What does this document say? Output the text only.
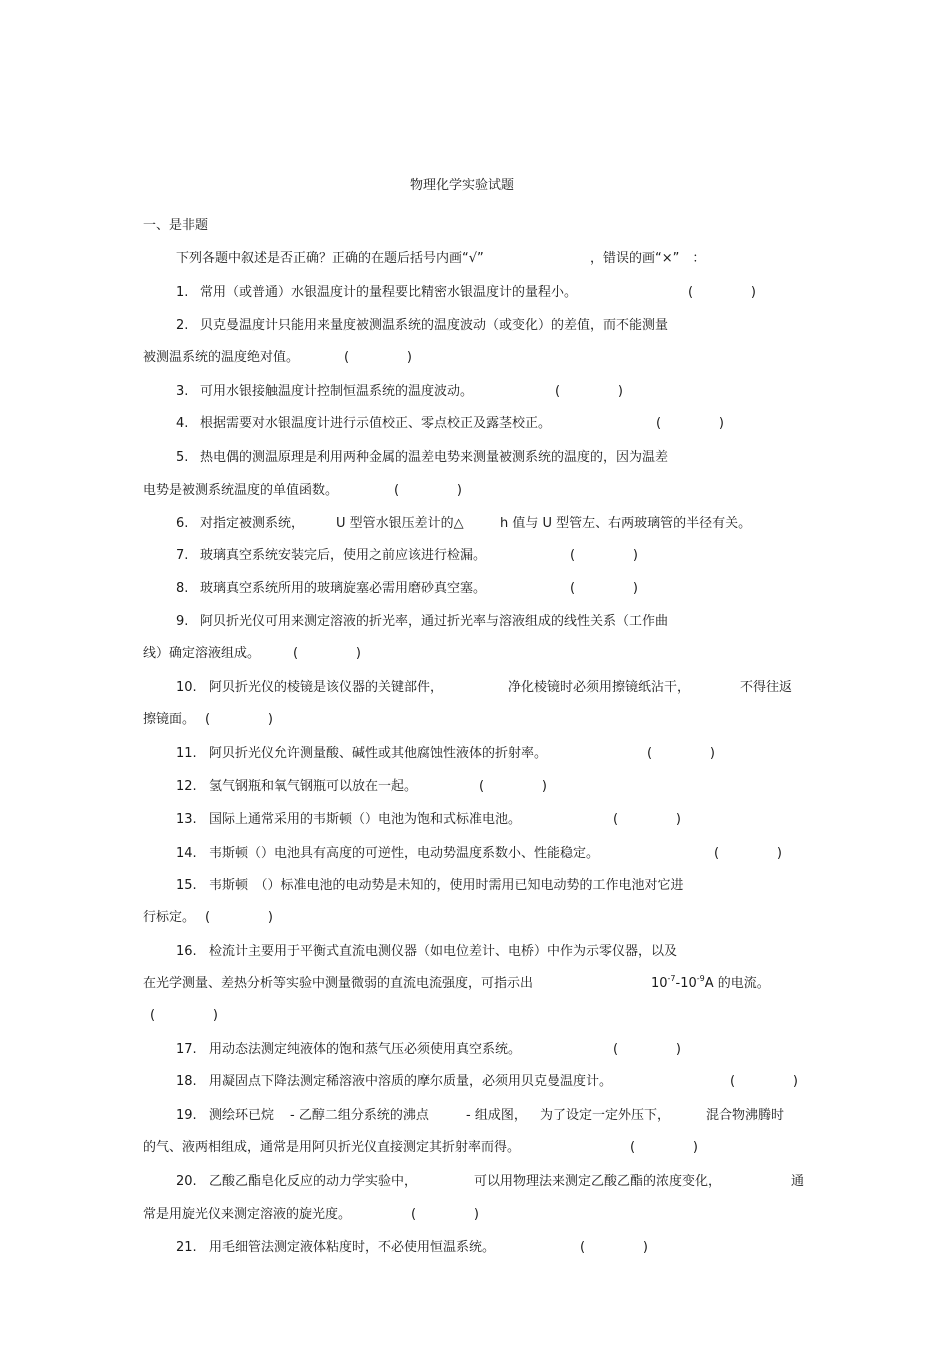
物理化学实验试题
一、是非题
下列各题中叙述是否正确？正确的在题后括号内画“√”	，错误的画“×”　：
1. 常用（或普通）水银温度计的量程要比精密水银温度计的量程小。	(              )
2. 贝克曼温度计只能用来量度被测温系统的温度波动（或变化）的差值，而不能测量
被测温系统的温度绝对值。	(              )
3. 可用水银接触温度计控制恒温系统的温度波动。	(              )
4. 根据需要对水银温度计进行示值校正、零点校正及露茎校正。	(              )
5. 热电偶的测温原理是利用两种金属的温差电势来测量被测系统的温度的，因为温差
电势是被测系统温度的单值函数。	(              )
6. 对指定被测系统， U 型管水银压差计的△	h 值与 U 型管左、右两玻璃管的半径有关。
7. 玻璃真空系统安装完后，使用之前应该进行检漏。	(              )
8. 玻璃真空系统所用的玻璃旋塞必需用磨砂真空塞。	(              )
9. 阿贝折光仪可用来测定溶液的折光率，通过折光率与溶液组成的线性关系（工作曲
线）确定溶液组成。	(              )
10. 阿贝折光仪的棱镜是该仪器的关键部件，	净化棱镜时必须用擦镜纸沾干，	不得往返
擦镜面。 (              )
11. 阿贝折光仪允许测量酸、碱性或其他腐蚀性液体的折射率。	(              )
12. 氢气钢瓶和氧气钢瓶可以放在一起。	(              )
13. 国际上通常采用的韦斯顿（）电池为饱和式标准电池。	(              )
14. 韦斯顿（）电池具有高度的可逆性，电动势温度系数小、性能稳定。	(              )
15. 韦斯顿　（）标准电池的电动势是未知的，使用时需用已知电动势的工作电池对它进
行标定。 (              )
16. 检流计主要用于平衡式直流电测仪器（如电位差计、电桥）中作为示零仪器，以及
在光学测量、差热分析等实验中测量微弱的直流电流强度，可指示出	$10^{-7}-10^{-9}A$ 的电流。
(              )
17. 用动态法测定纯液体的饱和蒸气压必须使用真空系统。	(              )
18. 用凝固点下降法测定稀溶液中溶质的摩尔质量，必须用贝克曼温度计。	(              )
19. 测绘环已烷 - 乙醇二组分系统的沸点	- 组成图， 为了设定一定外压下，	混合物沸腾时
的气、液两相组成，通常是用阿贝折光仪直接测定其折射率而得。	(              )
20. 乙酸乙酯皂化反应的动力学实验中，	可以用物理法来测定乙酸乙酯的浓度变化，	通
常是用旋光仪来测定溶液的旋光度。	(              )
21. 用毛细管法测定液体粘度时，不必使用恒温系统。	(              )
